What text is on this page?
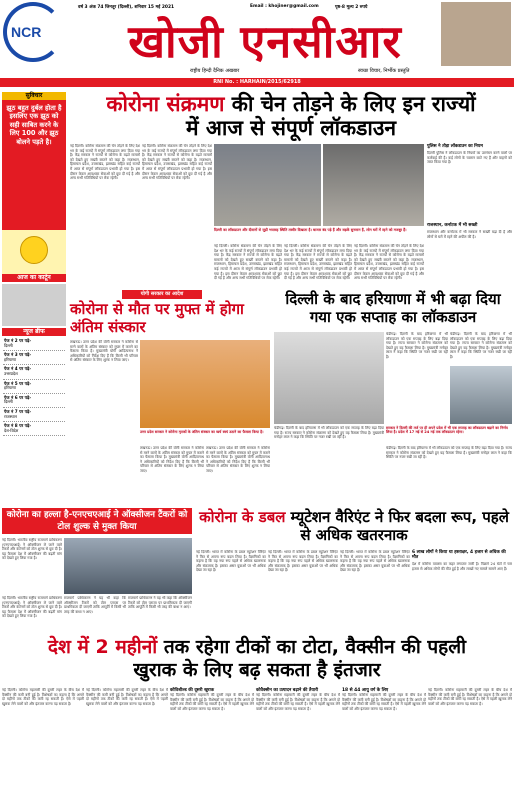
NCR
वर्ष 3 अंक 74 जिनतूर (दिल्ली), शनिवार 15 मई 2021	Email : khojiner@gmail.com	पृष्ठ-8 मूल्य 2 रुपये
खोजी एनसीआर
राष्ट्रीय हिन्दी दैनिक अखबार	स्वच्छ विचार, निर्भीक प्रस्तुति
RNI No. : HARHAIN/2015/62918
सुविचार
झूठ बहुत दुर्बल होता है इसलिए एक झूठ को सही साबित करने के लिए 100 और झूठ बोलने पड़ते है।
आज का कार्टून
न्यूज ब्रीफ
पेज नं 2 पर पढ़े-
दिल्ली
पेज नं 3 पर पढ़े-
हरियाणा
पेज नं 4 पर पढ़े-
उत्तरप्रदेश
पेज नं 5 पर पढ़े-
हरियाणा
पेज नं 6 पर पढ़े-
दिल्ली
पेज नं 7 पर पढ़े-
राजस्थान
पेज नं 8 पर पढ़े-
देश-विदेश
कोरोना संक्रमण की चेन तोड़ने के लिए इन राज्यों
में आज से संपूर्ण लॉकडाउन
नई दिल्ली। कोरोना संक्रमण की चेन तोड़ने के लिए देश भर के कई राज्यों में संपूर्ण लॉकडाउन लगा दिया गया है। केंद्र सरकार ने राज्यों से कोरोना के बढ़ते मामलों को देखते हुए सख्ती बरतने को कहा है। राजस्थान, हिमाचल प्रदेश, उत्तराखंड, झारखंड सहित कई राज्यों में आज से संपूर्ण लॉकडाउन प्रभावी हो गया है। इस दौरान केवल आवश्यक सेवाओं को छूट दी गई है और अन्य सभी गतिविधियों पर रोक रहेगी।
नई दिल्ली। कोरोना संक्रमण की चेन तोड़ने के लिए देश भर के कई राज्यों में संपूर्ण लॉकडाउन लगा दिया गया है। केंद्र सरकार ने राज्यों से कोरोना के बढ़ते मामलों को देखते हुए सख्ती बरतने को कहा है। राजस्थान, हिमाचल प्रदेश, उत्तराखंड, झारखंड सहित कई राज्यों में आज से संपूर्ण लॉकडाउन प्रभावी हो गया है। इस दौरान केवल आवश्यक सेवाओं को छूट दी गई है और अन्य सभी गतिविधियों पर रोक रहेगी।
दिल्ली का लॉकडाउन और दीवानों से जुड़ी भयावह स्थिति तस्वीर दिखाता है। बाजार बंद पड़े हैं और सड़कें सुनसान हैं, लोग घरों में रहने को मजबूर हैं।
नई दिल्ली। कोरोना संक्रमण की चेन तोड़ने के लिए देश भर के कई राज्यों में संपूर्ण लॉकडाउन लगा दिया गया है। केंद्र सरकार ने राज्यों से कोरोना के बढ़ते मामलों को देखते हुए सख्ती बरतने को कहा है। राजस्थान, हिमाचल प्रदेश, उत्तराखंड, झारखंड सहित कई राज्यों में आज से संपूर्ण लॉकडाउन प्रभावी हो गया है। इस दौरान केवल आवश्यक सेवाओं को छूट दी गई है और अन्य सभी गतिविधियों पर रोक रहेगी।
नई दिल्ली। कोरोना संक्रमण की चेन तोड़ने के लिए देश भर के कई राज्यों में संपूर्ण लॉकडाउन लगा दिया गया है। केंद्र सरकार ने राज्यों से कोरोना के बढ़ते मामलों को देखते हुए सख्ती बरतने को कहा है। राजस्थान, हिमाचल प्रदेश, उत्तराखंड, झारखंड सहित कई राज्यों में आज से संपूर्ण लॉकडाउन प्रभावी हो गया है। इस दौरान केवल आवश्यक सेवाओं को छूट दी गई है और अन्य सभी गतिविधियों पर रोक रहेगी।
नई दिल्ली। कोरोना संक्रमण की चेन तोड़ने के लिए देश भर के कई राज्यों में संपूर्ण लॉकडाउन लगा दिया गया है। केंद्र सरकार ने राज्यों से कोरोना के बढ़ते मामलों को देखते हुए सख्ती बरतने को कहा है। राजस्थान, हिमाचल प्रदेश, उत्तराखंड, झारखंड सहित कई राज्यों में आज से संपूर्ण लॉकडाउन प्रभावी हो गया है। इस दौरान केवल आवश्यक सेवाओं को छूट दी गई है और अन्य सभी गतिविधियों पर रोक रहेगी।
पुलिस ने तोड़ा लॉकडाउन का नियम
दिल्ली पुलिस ने लॉकडाउन के नियमों का उल्लंघन करने वालों पर कार्रवाई की है। कई लोगों के चालान काटे गए हैं और वाहनों को जब्त किया गया है।
राजस्थान, कर्नाटक में भी सख्ती
राजस्थान और कर्नाटक में भी सरकार ने सख्ती बढ़ा दी है और लोगों से घरों में रहने की अपील की है।
योगी सरकार का आदेश
कोरोना से मौत पर मुफ्त में होगा अंतिम संस्कार
लखनऊ। उत्तर प्रदेश की योगी सरकार ने कोरोना से मरने वालों के अंतिम संस्कार को मुफ्त में कराने का फैसला किया है। मुख्यमंत्री योगी आदित्यनाथ ने अधिकारियों को निर्देश दिए हैं कि किसी भी परिवार से अंतिम संस्कार के लिए शुल्क न लिया जाए।
उत्तर प्रदेश सरकार ने कोरोना मृतकों के अंतिम संस्कार का खर्च स्वयं उठाने का फैसला किया है।
लखनऊ। उत्तर प्रदेश की योगी सरकार ने कोरोना से मरने वालों के अंतिम संस्कार को मुफ्त में कराने का फैसला किया है। मुख्यमंत्री योगी आदित्यनाथ ने अधिकारियों को निर्देश दिए हैं कि किसी भी परिवार से अंतिम संस्कार के लिए शुल्क न लिया जाए।
लखनऊ। उत्तर प्रदेश की योगी सरकार ने कोरोना से मरने वालों के अंतिम संस्कार को मुफ्त में कराने का फैसला किया है। मुख्यमंत्री योगी आदित्यनाथ ने अधिकारियों को निर्देश दिए हैं कि किसी भी परिवार से अंतिम संस्कार के लिए शुल्क न लिया जाए।
दिल्ली के बाद हरियाणा में भी बढ़ा दिया गया एक सप्ताह का लॉकडाउन
चंडीगढ़। दिल्ली के बाद हरियाणा में भी लॉकडाउन को एक सप्ताह के लिए बढ़ा दिया गया है। राज्य सरकार ने कोरोना संक्रमण को देखते हुए यह फैसला लिया है। मुख्यमंत्री मनोहर लाल ने कहा कि स्थिति पर नजर रखी जा रही है।
चंडीगढ़। दिल्ली के बाद हरियाणा में भी लॉकडाउन को एक सप्ताह के लिए बढ़ा दिया गया है। राज्य सरकार ने कोरोना संक्रमण को देखते हुए यह फैसला लिया है। मुख्यमंत्री मनोहर लाल ने कहा कि स्थिति पर नजर रखी जा रही है।
सरकार ने दिल्ली की तर्ज पर ही अपने प्रदेश में भी एक सप्ताह का लॉकडाउन बढ़ाने का निर्णय लिया है। प्रदेश में 17 मई से 24 मई तक लॉकडाउन रहेगा।
चंडीगढ़। दिल्ली के बाद हरियाणा में भी लॉकडाउन को एक सप्ताह के लिए बढ़ा दिया गया है। राज्य सरकार ने कोरोना संक्रमण को देखते हुए यह फैसला लिया है। मुख्यमंत्री मनोहर लाल ने कहा कि स्थिति पर नजर रखी जा रही है।
चंडीगढ़। दिल्ली के बाद हरियाणा में भी लॉकडाउन को एक सप्ताह के लिए बढ़ा दिया गया है। राज्य सरकार ने कोरोना संक्रमण को देखते हुए यह फैसला लिया है। मुख्यमंत्री मनोहर लाल ने कहा कि स्थिति पर नजर रखी जा रही है।
कोरोना का हल्ला है-एनएचएआई ने ऑक्सीजन टैंकरों को टोल शुल्क से मुक्त किया
नई दिल्ली। भारतीय राष्ट्रीय राजमार्ग प्राधिकरण (एनएचएआई) ने ऑक्सीजन ले जाने वाले टैंकरों और कंटेनरों को टोल शुल्क से छूट दी है। यह फैसला देश में ऑक्सीजन की बढ़ती मांग को देखते हुए लिया गया है।
नई दिल्ली। भारतीय राष्ट्रीय राजमार्ग प्राधिकरण (एनएचएआई) ने ऑक्सीजन ले जाने वाले टैंकरों और कंटेनरों को टोल शुल्क से छूट दी है। यह फैसला देश में ऑक्सीजन की बढ़ती मांग को देखते हुए लिया गया है।
राजमार्ग प्राधिकरण ने यह भी कहा कि ऑक्सीजन टैंकरों को टोल प्लाजा पर प्राथमिकता दी जाएगी ताकि आपूर्ति में किसी भी तरह की बाधा न आए।
राजमार्ग प्राधिकरण ने यह भी कहा कि ऑक्सीजन टैंकरों को टोल प्लाजा पर प्राथमिकता दी जाएगी ताकि आपूर्ति में किसी भी तरह की बाधा न आए।
कोरोना के डबल म्यूटेशन वैरिएंट ने फिर बदला रूप, पहले से अधिक खतरनाक
नई दिल्ली। भारत में कोरोना के डबल म्यूटेशन वैरिएंट ने फिर से अपना रूप बदल लिया है। वैज्ञानिकों का कहना है कि यह नया रूप पहले से अधिक खतरनाक और संक्रामक है। इसका असर युवाओं पर भी अधिक देखा जा रहा है।
नई दिल्ली। भारत में कोरोना के डबल म्यूटेशन वैरिएंट ने फिर से अपना रूप बदल लिया है। वैज्ञानिकों का कहना है कि यह नया रूप पहले से अधिक खतरनाक और संक्रामक है। इसका असर युवाओं पर भी अधिक देखा जा रहा है।
नई दिल्ली। भारत में कोरोना के डबल म्यूटेशन वैरिएंट ने फिर से अपना रूप बदल लिया है। वैज्ञानिकों का कहना है कि यह नया रूप पहले से अधिक खतरनाक और संक्रामक है। इसका असर युवाओं पर भी अधिक देखा जा रहा है।
6 लाख लोगों ने किया था हस्ताक्षर, 4 हजार से अधिक की मौत
देश में कोरोना वायरस का कहर लगातार जारी है। पिछले 24 घंटों में चार हजार से अधिक लोगों की मौत हुई है और लाखों नए मामले सामने आए हैं।
देश में 2 महीनों तक रहेगा टीकों का टोटा, वैक्सीन की पहली
खुराक के लिए बढ़ सकता है इंतजार
नई दिल्ली। कोरोना महामारी की दूसरी लहर के बीच देश में वैक्सीन की कमी बनी हुई है। विशेषज्ञों का कहना है कि अगले दो महीनों तक टीकों की कमी रह सकती है। ऐसे में पहली खुराक लेने वालों को और इंतजार करना पड़ सकता है।
नई दिल्ली। कोरोना महामारी की दूसरी लहर के बीच देश में वैक्सीन की कमी बनी हुई है। विशेषज्ञों का कहना है कि अगले दो महीनों तक टीकों की कमी रह सकती है। ऐसे में पहली खुराक लेने वालों को और इंतजार करना पड़ सकता है।
कोविशील्ड की दूसरी खुराक
नई दिल्ली। कोरोना महामारी की दूसरी लहर के बीच देश में वैक्सीन की कमी बनी हुई है। विशेषज्ञों का कहना है कि अगले दो महीनों तक टीकों की कमी रह सकती है। ऐसे में पहली खुराक लेने वालों को और इंतजार करना पड़ सकता है।
कोवैक्सीन का उत्पादन बढ़ाने की तैयारी
नई दिल्ली। कोरोना महामारी की दूसरी लहर के बीच देश में वैक्सीन की कमी बनी हुई है। विशेषज्ञों का कहना है कि अगले दो महीनों तक टीकों की कमी रह सकती है। ऐसे में पहली खुराक लेने वालों को और इंतजार करना पड़ सकता है।
18 से 44 आयु वर्ग के लिए
नई दिल्ली। कोरोना महामारी की दूसरी लहर के बीच देश में वैक्सीन की कमी बनी हुई है। विशेषज्ञों का कहना है कि अगले दो महीनों तक टीकों की कमी रह सकती है। ऐसे में पहली खुराक लेने वालों को और इंतजार करना पड़ सकता है।
नई दिल्ली। कोरोना महामारी की दूसरी लहर के बीच देश में वैक्सीन की कमी बनी हुई है। विशेषज्ञों का कहना है कि अगले दो महीनों तक टीकों की कमी रह सकती है। ऐसे में पहली खुराक लेने वालों को और इंतजार करना पड़ सकता है।
